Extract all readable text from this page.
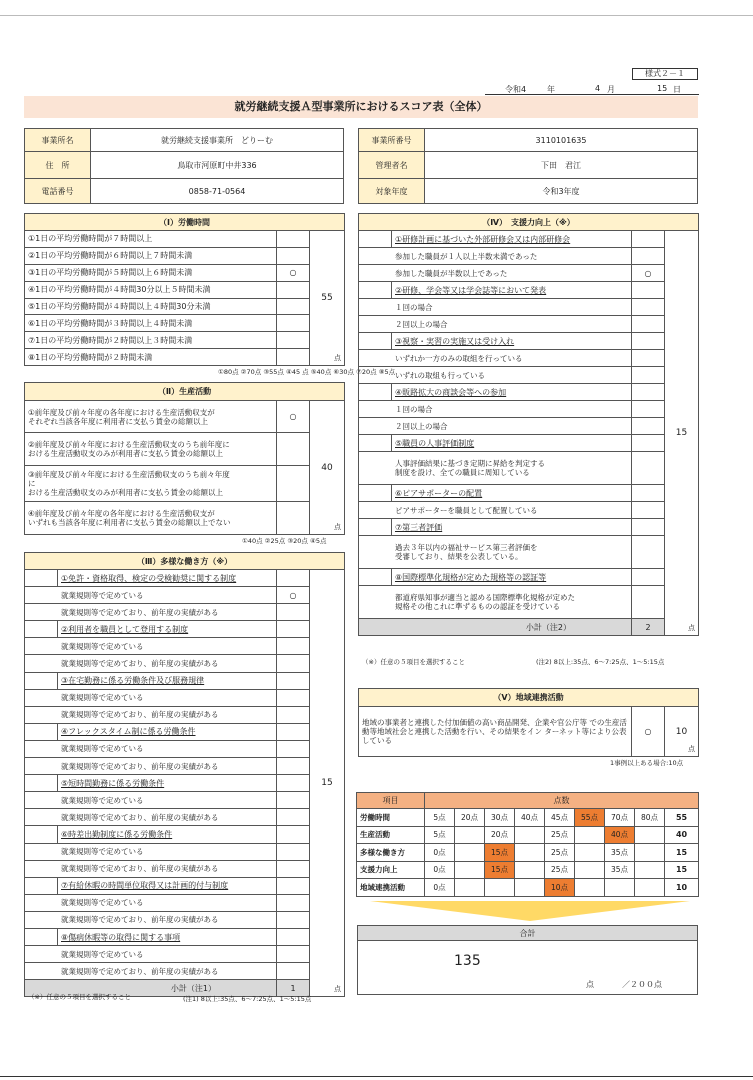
様式２－１
令和4	年	4 月	15 日
就労継続支援Ａ型事業所におけるスコア表（全体）
事業所名	就労継続支援事業所　どりーむ
住　所	鳥取市河原町中井336
電話番号	0858-71-0564
事業所番号	3110101635
管理者名	下田　君江
対象年度	令和3年度
（Ⅰ）労働時間		
①1日の平均労働時間が７時間以上		55
点

②1日の平均労働時間が６時間以上７時間未満		
③1日の平均労働時間が５時間以上６時間未満	○	
④1日の平均労働時間が４時間30分以上５時間未満		
⑤1日の平均労働時間が４時間以上４時間30分未満		
⑥1日の平均労働時間が３時間以上４時間未満		
⑦1日の平均労働時間が２時間以上３時間未満		
⑧1日の平均労働時間が２時間未満		
①80点 ②70点 ③55点 ④45 点 ⑤40点 ⑥30点 ⑦20点 ⑧5点
（Ⅱ）生産活動		
①前年度及び前々年度の各年度における生産活動収支が
それぞれ当該各年度に利用者に支払う賃金の総額以上	○	40
点

②前年度及び前々年度における生産活動収支のうち前年度に
おける生産活動収支のみが利用者に支払う賃金の総額以上		
③前年度及び前々年度における生産活動収支のうち前々年度
に
おける生産活動収支のみが利用者に支払う賃金の総額以上		
④前年度及び前々年度の各年度における生産活動収支が
いずれも当該各年度に利用者に支払う賃金の総額以上でない		
①40点 ②25点 ③20点 ④5点
（Ⅲ）多様な働き方（※）			
	①免許・資格取得、検定の受検勧奨に関する制度		15
点

就業規則等で定めている		○	
就業規則等で定めており、前年度の実績がある			
	②利用者を職員として登用する制度		
就業規則等で定めている			
就業規則等で定めており、前年度の実績がある			
	③在宅勤務に係る労働条件及び服務規律		
就業規則等で定めている			
就業規則等で定めており、前年度の実績がある			
	④フレックスタイム制に係る労働条件		
就業規則等で定めている			
就業規則等で定めており、前年度の実績がある			
	⑤短時間勤務に係る労働条件		
就業規則等で定めている			
就業規則等で定めており、前年度の実績がある			
	⑥時差出勤制度に係る労働条件		
就業規則等で定めている			
就業規則等で定めており、前年度の実績がある			
	⑦有給休暇の時間単位取得又は計画的付与制度		
就業規則等で定めている			
就業規則等で定めており、前年度の実績がある			
	⑧傷病休暇等の取得に関する事項		
就業規則等で定めている			
就業規則等で定めており、前年度の実績がある			
小計（注1）		1	
（※）任意の５項目を選択すること	(注1) 8以上:35点、6～7:25点、1～5:15点
（Ⅳ）　支援力向上（※）			
	①研修計画に基づいた外部研修会又は内部研修会		15
点

参加した職員が１人以上半数未満であった			
参加した職員が半数以上であった		○	
	②研修、学会等又は学会誌等において発表		
１回の場合			
２回以上の場合			
	③視察・実習の実施又は受け入れ		
いずれか一方のみの取組を行っている			
いずれの取組も行っている			
	④販路拡大の商談会等への参加		
１回の場合			
２回以上の場合			
	⑤職員の人事評価制度		
人事評価結果に基づき定期に昇給を判定する
制度を設け、全ての職員に周知している			
	⑥ピアサポーターの配置		
ピアサポーターを職員として配置している			
	⑦第三者評価		
過去３年以内の福祉サービス第三者評価を
受審しており、結果を公表している。			
	⑧国際標準化規格が定めた規格等の認証等		
都道府県知事が適当と認める国際標準化規格が定めた
規格その他これに準ずるものの認証を受けている			
小計（注2）		2	
（※）任意の５項目を選択すること	(注2) 8以上:35点、6～7:25点、1～5:15点
（Ⅴ）地域連携活動
地域の事業者と連携した付加価値の高い商品開発、企業や官公庁等 での生産活動等地域社会と連携した活動を行い、その結果をイン ターネット等により公表している	○	10
点
1事例以上ある場合:10点
項目	点数								
労働時間	5点	20点	30点	40点	45点	55点	70点	80点	55
生産活動	5点		20点		25点		40点		40
多様な働き方	0点		15点		25点		35点		15
支援力向上	0点		15点		25点		35点		15
地域連携活動	0点				10点				10
合計

135
点	／２００点
